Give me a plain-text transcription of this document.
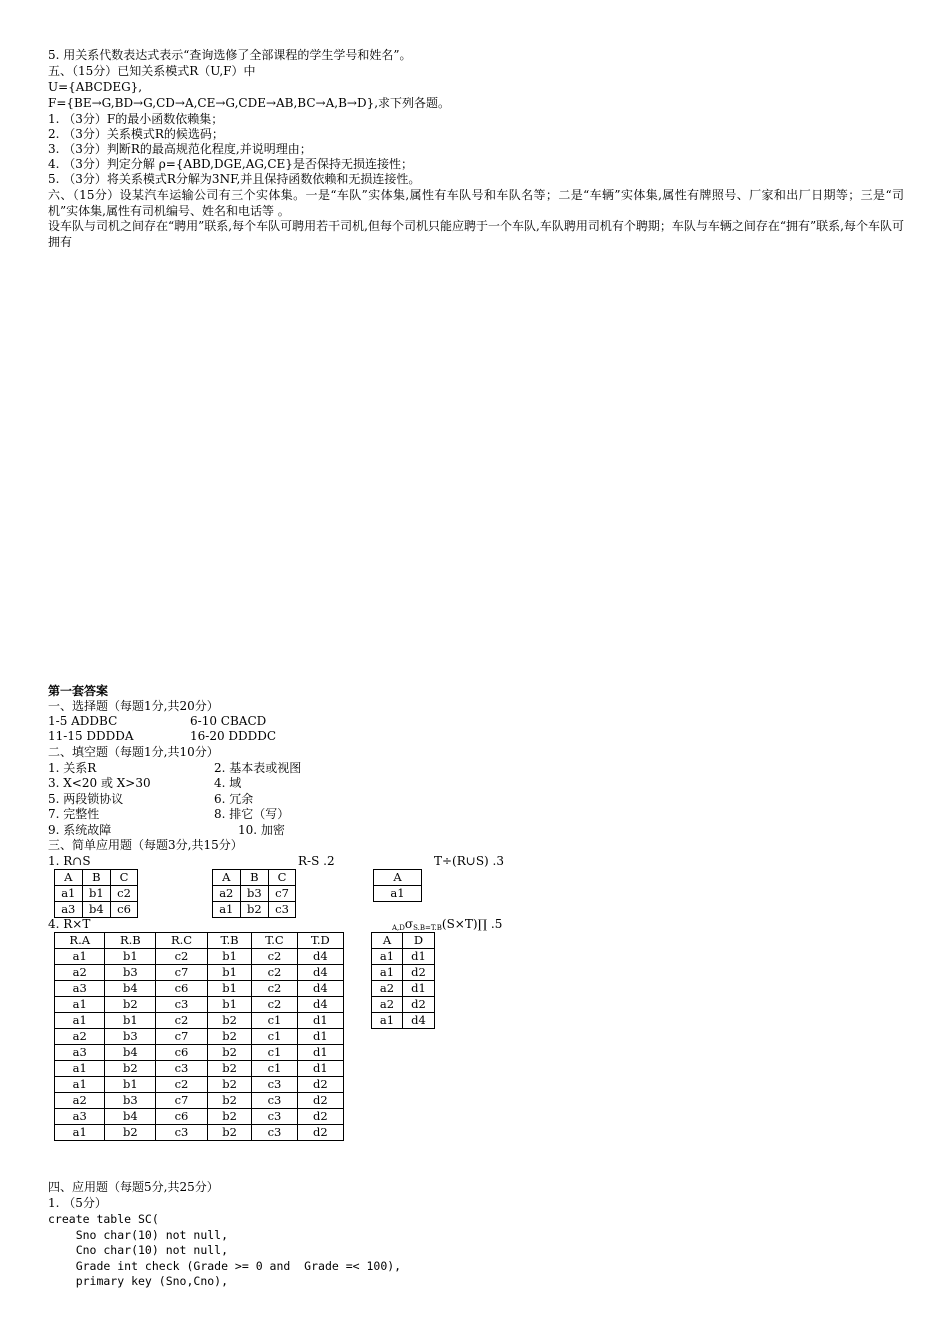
5. 用关系代数表达式表示“查询选修了全部课程的学生学号和姓名”。
五、（15分）已知关系模式R（U,F）中
U={ABCDEG},
F={BE→G,BD→G,CD→A,CE→G,CDE→AB,BC→A,B→D},求下列各题。
1. （3分）F的最小函数依赖集；
2. （3分）关系模式R的候选码；
3. （3分）判断R的最高规范化程度,并说明理由；
4. （3分）判定分解 ρ={ABD,DGE,AG,CE}是否保持无损连接性；
5. （3分）将关系模式R分解为3NF,并且保持函数依赖和无损连接性。
六、（15分）设某汽车运输公司有三个实体集。一是“车队”实体集,属性有车队号和车队名等；二是“车辆”实体集,属性有牌照号、厂家和出厂日期等；三是“司机”实体集,属性有司机编号、姓名和电话等 。
设车队与司机之间存在“聘用”联系,每个车队可聘用若干司机,但每个司机只能应聘于一个车队,车队聘用司机有个聘期；车队与车辆之间存在“拥有”联系,每个车队可拥有
第一套答案
一、选择题（每题1分,共20分）
1-5 ADDBC	6-10 CBACD
11-15 DDDDA	16-20 DDDDC
二、填空题（每题1分,共10分）
1. 关系R	2. 基本表或视图
3. X<20 或 X>30	4. 域
5. 两段锁协议	6. 冗余
7. 完整性	8. 排它（写）
9. 系统故障	10. 加密
三、简单应用题（每题3分,共15分）
1. R∩S	R-S .2	T÷(R∪S) .3
A	B	C
a1	b1	c2
a3	b4	c6
A	B	C
a2	b3	c7
a1	b2	c3
A
a1
4. R×T	$_{A,D}\sigma_{S.B=T.B}(S\times T)\prod$ .5
R.A	R.B	R.C	T.B	T.C	T.D
a1	b1	c2	b1	c2	d4
a2	b3	c7	b1	c2	d4
a3	b4	c6	b1	c2	d4
a1	b2	c3	b1	c2	d4
a1	b1	c2	b2	c1	d1
a2	b3	c7	b2	c1	d1
a3	b4	c6	b2	c1	d1
a1	b2	c3	b2	c1	d1
a1	b1	c2	b2	c3	d2
a2	b3	c7	b2	c3	d2
a3	b4	c6	b2	c3	d2
a1	b2	c3	b2	c3	d2
A	D
a1	d1
a1	d2
a2	d1
a2	d2
a1	d4
四、应用题（每题5分,共25分）
1. （5分）
create table SC(
Sno char(10) not null,
Cno char(10) not null,
Grade int check (Grade >= 0 and  Grade =< 100),
primary key (Sno,Cno),
